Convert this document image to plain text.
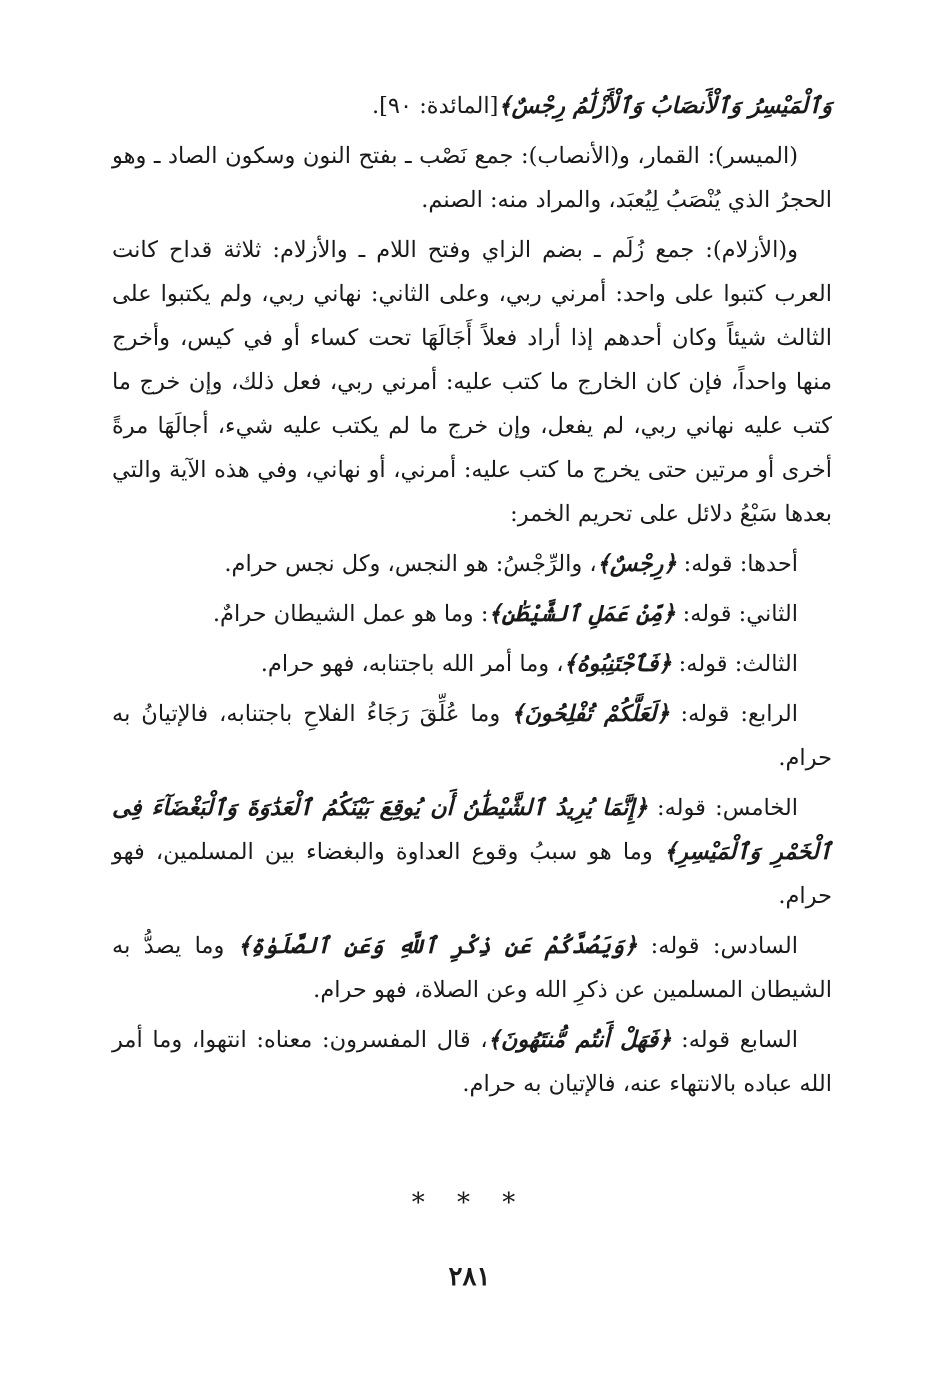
وَٱلْمَيْسِرُ وَٱلْأَنصَابُ وَٱلْأَزْلَٰمُ رِجْسٌ﴾[المائدة: ٩٠].

(الميسر): القمار، و(الأنصاب): جمع نَصْب ـ بفتح النون وسكون الصاد ـ وهو الحجرُ الذي يُنْصَبُ لِيُعبَد، والمراد منه: الصنم.

و(الأزلام): جمع زُلَم ـ بضم الزاي وفتح اللام ـ والأزلام: ثلاثة قداح كانت العرب كتبوا على واحد: أمرني ربي، وعلى الثاني: نهاني ربي، ولم يكتبوا على الثالث شيئاً وكان أحدهم إذا أراد فعلاً أَجَالَهَا تحت كساء أو في كيس، وأخرج منها واحداً، فإن كان الخارج ما كتب عليه: أمرني ربي، فعل ذلك، وإن خرج ما كتب عليه نهاني ربي، لم يفعل، وإن خرج ما لم يكتب عليه شيء، أجالَهَا مرةً أخرى أو مرتين حتى يخرج ما كتب عليه: أمرني، أو نهاني، وفي هذه الآية والتي بعدها سَبْعُ دلائل على تحريم الخمر:

أحدها: قوله: ﴿رِجْسٌ﴾، والرِّجْسُ: هو النجس، وكل نجس حرام.

الثاني: قوله: ﴿مِّنْ عَمَلِ ٱلشَّيْطَٰنِ﴾: وما هو عمل الشيطان حرامٌ.

الثالث: قوله: ﴿فَٱجْتَنِبُوهُ﴾، وما أمر الله باجتنابه، فهو حرام.

الرابع: قوله: ﴿لَعَلَّكُمْ تُفْلِحُونَ﴾ وما عُلِّقَ رَجَاءُ الفلاحِ باجتنابه، فالإتيانُ به حرام.

الخامس: قوله: ﴿إِنَّمَا يُرِيدُ ٱلشَّيْطَٰنُ أَن يُوقِعَ بَيْنَكُمُ ٱلْعَدَٰوَةَ وَٱلْبَغْضَآءَ فِى ٱلْخَمْرِ وَٱلْمَيْسِرِ﴾ وما هو سببُ وقوع العداوة والبغضاء بين المسلمين، فهو حرام.

السادس: قوله: ﴿وَيَصُدَّكُمْ عَن ذِكْرِ ٱللَّهِ وَعَنِ ٱلصَّلَوٰةِ﴾ وما يصدُّ به الشيطان المسلمين عن ذكرِ الله وعن الصلاة، فهو حرام.

السابع قوله: ﴿فَهَلْ أَنتُم مُّنتَهُونَ﴾، قال المفسرون: معناه: انتهوا، وما أمر الله عباده بالانتهاء عنه، فالإتيان به حرام.

* * *
٢٨١
